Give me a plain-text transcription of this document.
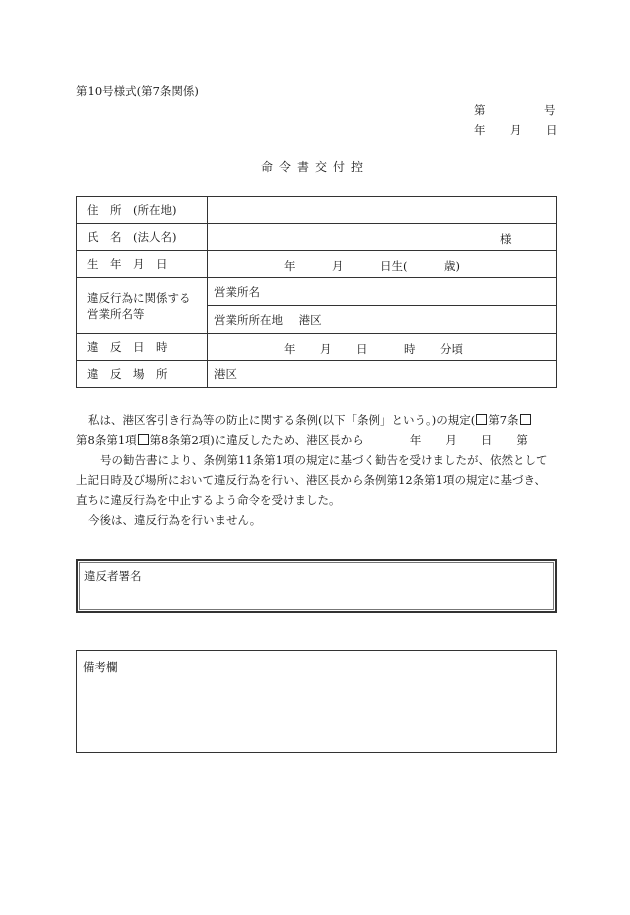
第10号様式(第7条関係)
第	号
年 月 日
命令書交付控
住　所　(所在地)	
氏　名　(法人名)	様

生　年　月　日	年 月 日生( 歳)

違反行為に関係する
営業所名等	営業所名
	営業所所在地 港区
違　反　日　時	年 月 日 時 分頃

違　反　場　所	港区
私は、港区客引き行為等の防止に関する条例(以下「条例」という。)の規定( 第7条
第8条第1項 第8条第2項)に違反したため、港区長から	年 月 日 第
号の勧告書により、条例第11条第1項の規定に基づく勧告を受けましたが、依然として
上記日時及び場所において違反行為を行い、港区長から条例第12条第1項の規定に基づき、
直ちに違反行為を中止するよう命令を受けました。
今後は、違反行為を行いません。
違反者署名
備考欄
